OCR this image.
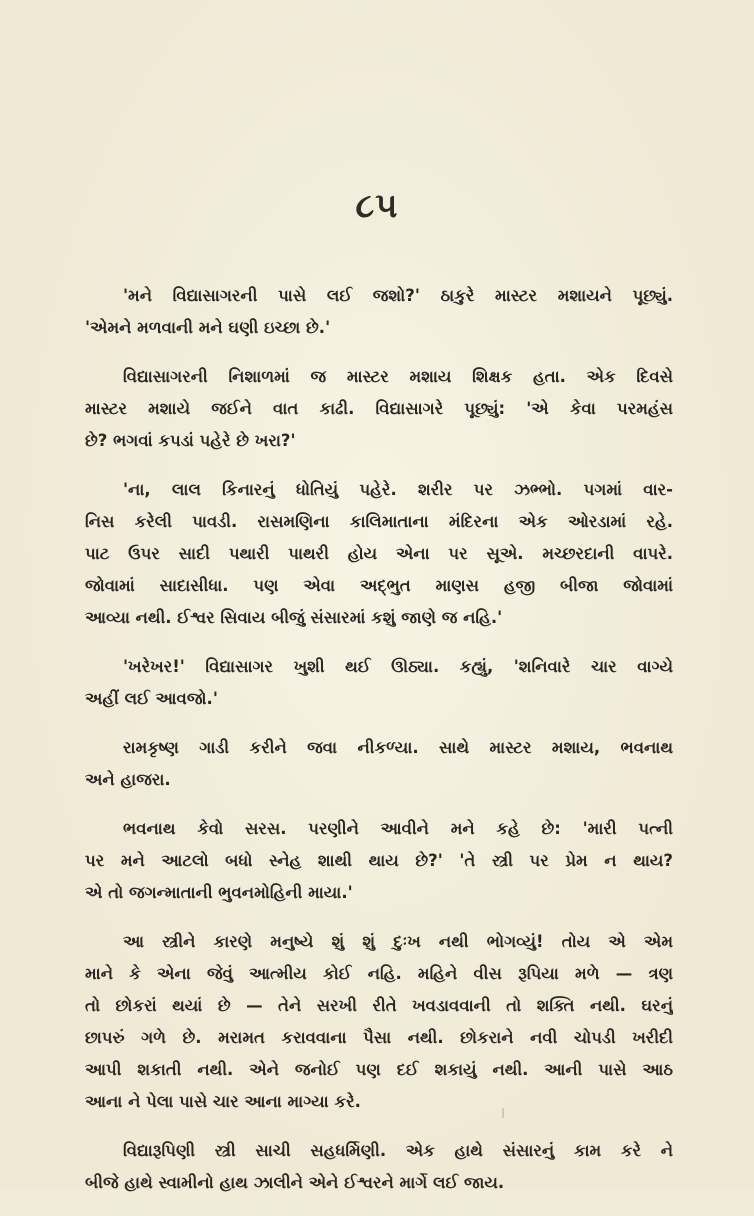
૮૫
'મને વિદ્યાસાગરની પાસે લઈ જશો?' ઠાકુરે માસ્ટર મશાયને પૂછ્યું.
'એમને મળવાની મને ઘણી ઇચ્છા છે.'
વિદ્યાસાગરની નિશાળમાં જ માસ્ટર મશાય શિક્ષક હતા. એક દિવસે
માસ્ટર મશાયે જઈને વાત કાઢી. વિદ્યાસાગરે પૂછ્યું: 'એ કેવા પરમહંસ
છે? ભગવાં કપડાં પહેરે છે ખરા?'
'ના, લાલ કિનારનું ધોતિયું પહેરે. શરીર પર ઝભ્ભો. પગમાં વાર-
નિસ કરેલી પાવડી. રાસમણિના કાલિમાતાના મંદિરના એક ઓરડામાં રહે.
પાટ ઉપર સાદી પથારી પાથરી હોય એના પર સૂએ. મચ્છરદાની વાપરે.
જોવામાં સાદાસીધા. પણ એવા અદ્ભુત માણસ હજી બીજા જોવામાં
આવ્યા નથી. ઈશ્વર સિવાય બીજું સંસારમાં કશું જાણે જ નહિ.'
'ખરેખર!' વિદ્યાસાગર ખુશી થઈ ઊઠ્યા. કહ્યું, 'શનિવારે ચાર વાગ્યે
અહીં લઈ આવજો.'
રામકૃષ્ણ ગાડી કરીને જવા નીકળ્યા. સાથે માસ્ટર મશાય, ભવનાથ
અને હાજરા.
ભવનાથ કેવો સરસ. પરણીને આવીને મને કહે છે: 'મારી પત્ની
પર મને આટલો બધો સ્નેહ શાથી થાય છે?' 'તે સ્ત્રી પર પ્રેમ ન થાય?
એ તો જગન્માતાની ભુવનમોહિની માયા.'
આ સ્ત્રીને કારણે મનુષ્યે શું શું દુઃખ નથી ભોગવ્યું! તોય એ એમ
માને કે એના જેવું આત્મીય કોઈ નહિ. મહિને વીસ રૂપિયા મળે — ત્રણ
તો છોકરાં થયાં છે — તેને સરખી રીતે ખવડાવવાની તો શક્તિ નથી. ઘરનું
છાપરું ગળે છે. મરામત કરાવવાના પૈસા નથી. છોકરાને નવી ચોપડી ખરીદી
આપી શકાતી નથી. એને જનોઈ પણ દઈ શકાયું નથી. આની પાસે આઠ
આના ને પેલા પાસે ચાર આના માગ્યા કરે.
વિદ્યારૂપિણી સ્ત્રી સાચી સહધર્મિણી. એક હાથે સંસારનું કામ કરે ને
બીજે હાથે સ્વામીનો હાથ ઝાલીને એને ઈશ્વરને માર્ગે લઈ જાય.
